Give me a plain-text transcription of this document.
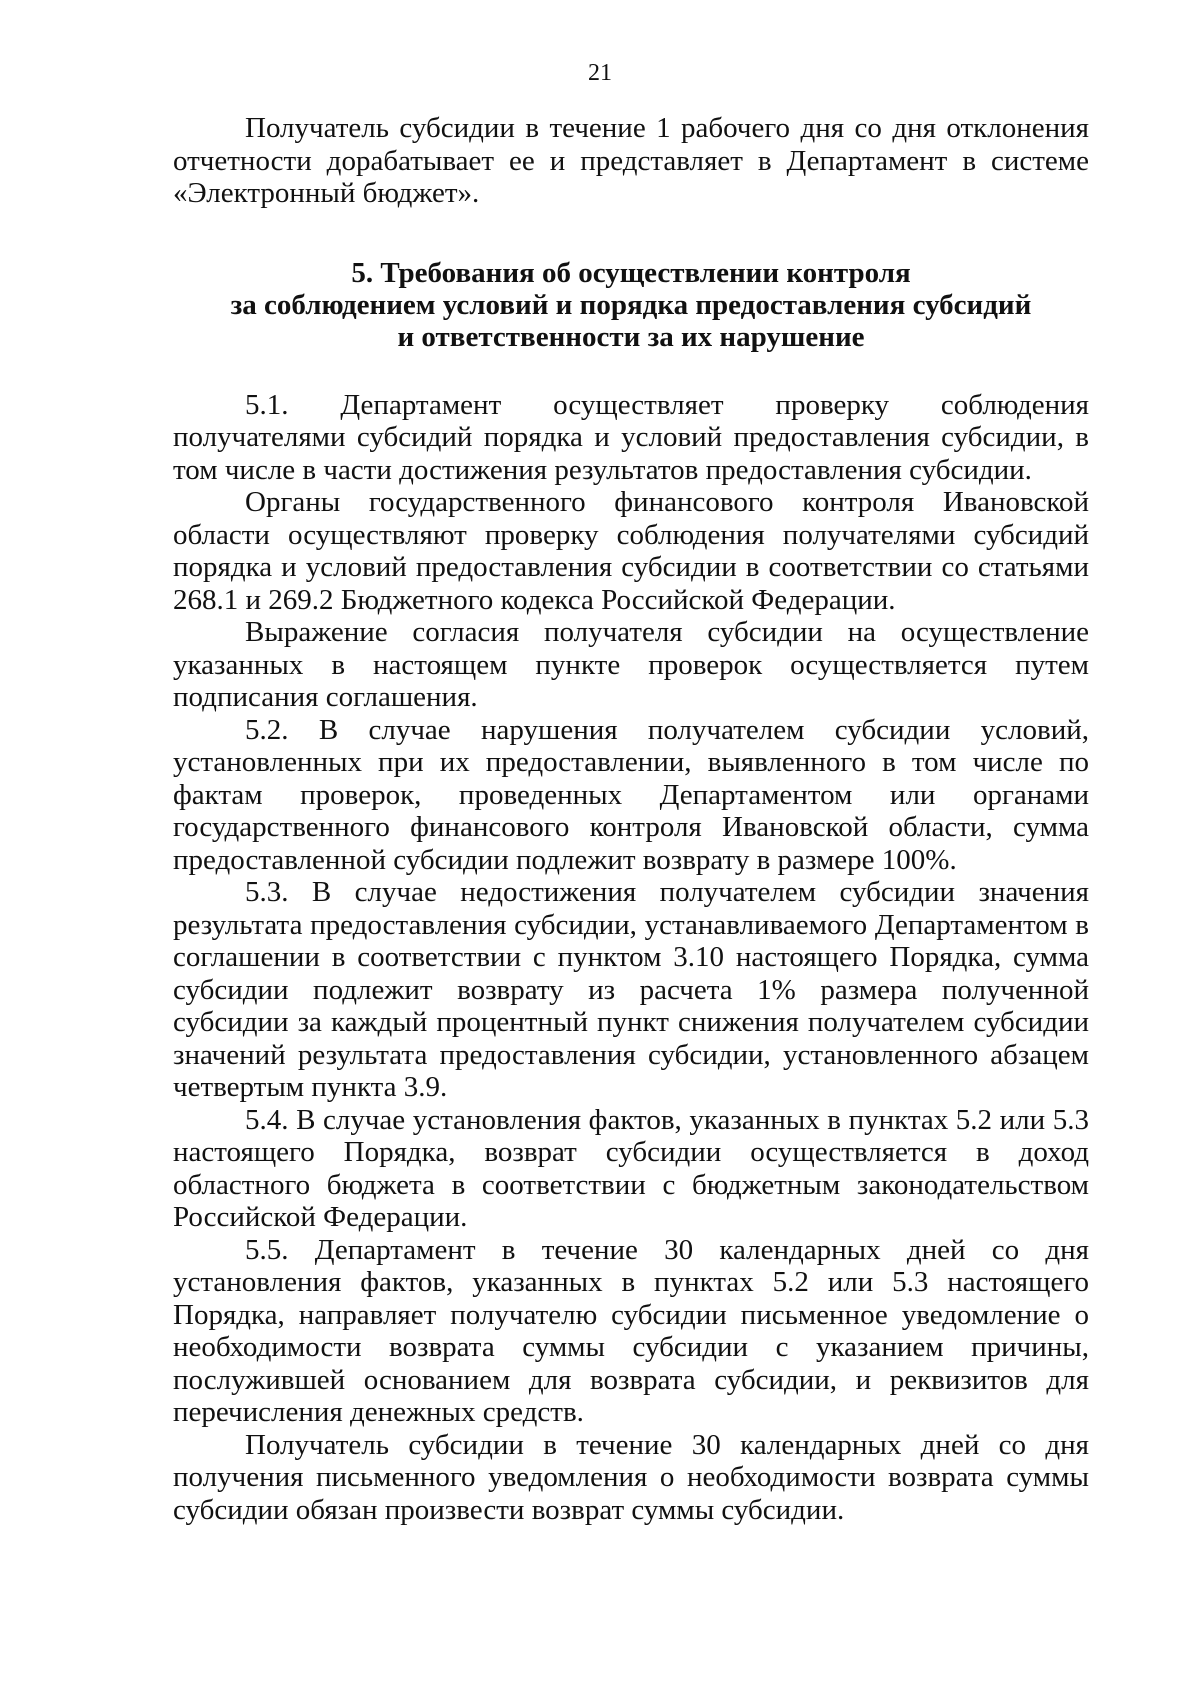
21

Получатель субсидии в течение 1 рабочего дня со дня отклонения отчетности дорабатывает ее и представляет в Департамент в системе «Электронный бюджет».

5. Требования об осуществлении контроля
за соблюдением условий и порядка предоставления субсидий
и ответственности за их нарушение

5.1. Департамент осуществляет проверку соблюдения получателями субсидий порядка и условий предоставления субсидии, в том числе в части достижения результатов предоставления субсидии.

Органы государственного финансового контроля Ивановской области осуществляют проверку соблюдения получателями субсидий порядка и условий предоставления субсидии в соответствии со статьями 268.1 и 269.2 Бюджетного кодекса Российской Федерации.

Выражение согласия получателя субсидии на осуществление указанных в настоящем пункте проверок осуществляется путем подписания соглашения.

5.2. В случае нарушения получателем субсидии условий, установленных при их предоставлении, выявленного в том числе по фактам проверок, проведенных Департаментом или органами государственного финансового контроля Ивановской области, сумма предоставленной субсидии подлежит возврату в размере 100%.

5.3. В случае недостижения получателем субсидии значения результата предоставления субсидии, устанавливаемого Департаментом в соглашении в соответствии с пунктом 3.10 настоящего Порядка, сумма субсидии подлежит возврату из расчета 1% размера полученной субсидии за каждый процентный пункт снижения получателем субсидии значений результата предоставления субсидии, установленного абзацем четвертым пункта 3.9.

5.4. В случае установления фактов, указанных в пунктах 5.2 или 5.3 настоящего Порядка, возврат субсидии осуществляется в доход областного бюджета в соответствии с бюджетным законодательством Российской Федерации.

5.5. Департамент в течение 30 календарных дней со дня установления фактов, указанных в пунктах 5.2 или 5.3 настоящего Порядка, направляет получателю субсидии письменное уведомление о необходимости возврата суммы субсидии с указанием причины, послужившей основанием для возврата субсидии, и реквизитов для перечисления денежных средств.

Получатель субсидии в течение 30 календарных дней со дня получения письменного уведомления о необходимости возврата суммы субсидии обязан произвести возврат суммы субсидии.
